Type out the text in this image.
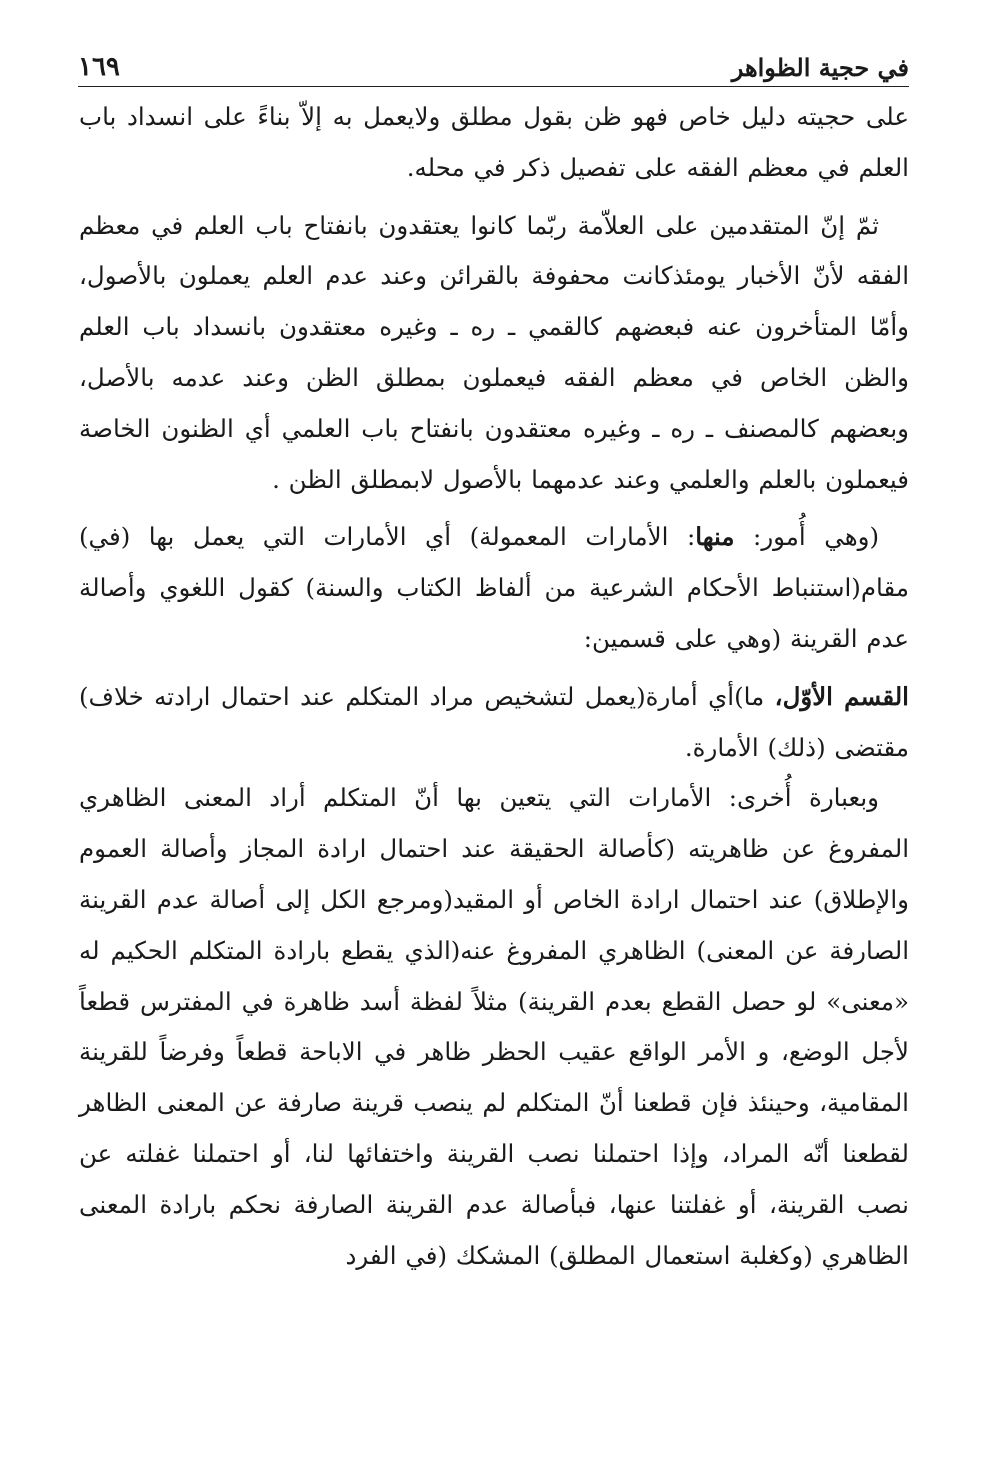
في حجية الظواهر
١٦٩

على حجيته دليل خاص فهو ظن بقول مطلق ولايعمل به إلاّ بناءً على انسداد باب العلم في معظم الفقه على تفصيل ذكر في محله.

ثمّ إنّ المتقدمين على العلاّمة ربّما كانوا يعتقدون بانفتاح باب العلم في معظم الفقه لأنّ الأخبار يومئذكانت محفوفة بالقرائن وعند عدم العلم يعملون بالأصول، وأمّا المتأخرون عنه فبعضهم كالقمي ـ ره ـ وغيره معتقدون بانسداد باب العلم والظن الخاص في معظم الفقه فيعملون بمطلق الظن وعند عدمه بالأصل، وبعضهم كالمصنف ـ ره ـ وغيره معتقدون بانفتاح باب العلمي أي الظنون الخاصة فيعملون بالعلم والعلمي وعند عدمهما بالأصول لابمطلق الظن .

(وهي أُمور: منها: الأمارات المعمولة) أي الأمارات التي يعمل بها (في) مقام(استنباط الأحكام الشرعية من ألفاظ الكتاب والسنة) كقول اللغوي وأصالة عدم القرينة (وهي على قسمين:

القسم الأوّل، ما)أي أمارة(يعمل لتشخيص مراد المتكلم عند احتمال ارادته خلاف) مقتضى (ذلك) الأمارة.

وبعبارة أُخرى: الأمارات التي يتعين بها أنّ المتكلم أراد المعنى الظاهري المفروغ عن ظاهريته (كأصالة الحقيقة عند احتمال ارادة المجاز وأصالة العموم والإطلاق) عند احتمال ارادة الخاص أو المقيد(ومرجع الكل إلى أصالة عدم القرينة الصارفة عن المعنى) الظاهري المفروغ عنه(الذي يقطع بارادة المتكلم الحكيم له «معنى» لو حصل القطع بعدم القرينة) مثلاً لفظة أسد ظاهرة في المفترس قطعاً لأجل الوضع، و الأمر الواقع عقيب الحظر ظاهر في الاباحة قطعاً وفرضاً للقرينة المقامية، وحينئذ فإن قطعنا أنّ المتكلم لم ينصب قرينة صارفة عن المعنى الظاهر لقطعنا أنّه المراد، وإذا احتملنا نصب القرينة واختفائها لنا، أو احتملنا غفلته عن نصب القرينة، أو غفلتنا عنها، فبأصالة عدم القرينة الصارفة نحكم بارادة المعنى الظاهري (وكغلبة استعمال المطلق) المشكك (في الفرد
